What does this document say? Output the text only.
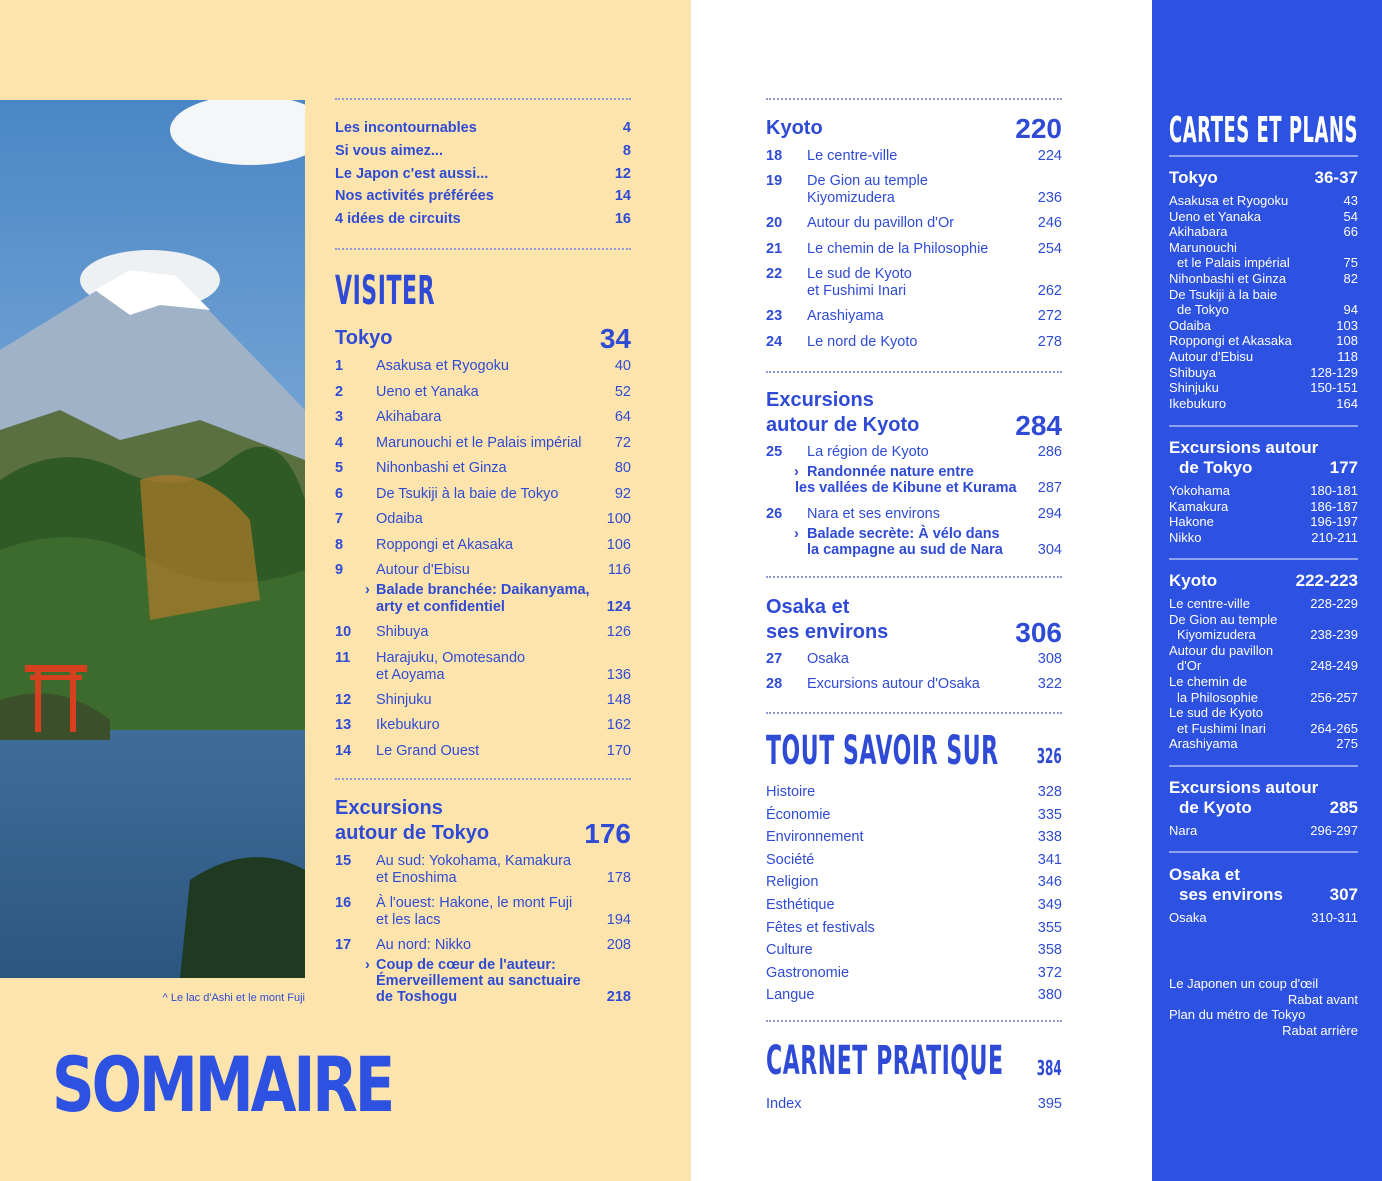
^ Le lac d'Ashi et le mont Fuji
SOMMAIRE
Les incontournables	4
Si vous aimez...	8
Le Japon c'est aussi...	12
Nos activités préférées	14
4 idées de circuits	16
VISITER
Tokyo	34
1 Asakusa et Ryogoku	40
2 Ueno et Yanaka	52
3 Akihabara	64
4 Marunouchi et le Palais impérial 72
5 Nihonbashi et Ginza	80
6 De Tsukiji à la baie de Tokyo	92
7 Odaiba	100
8 Roppongi et Akasaka	106
9 Autour d'Ebisu	116
› Balade branchée: Daikanyama,
arty et confidentiel	124
10 Shibuya	126
11 Harajuku, Omotesando
et Aoyama	136
12 Shinjuku	148
13 Ikebukuro	162
14 Le Grand Ouest	170
Excursions
autour de Tokyo	176
15 Au sud: Yokohama, Kamakura
et Enoshima	178
16 À l'ouest: Hakone, le mont Fuji
et les lacs	194
17 Au nord: Nikko	208
› Coup de cœur de l'auteur:
Émerveillement au sanctuaire
de Toshogu	218
Kyoto	220
18 Le centre-ville	224
19 De Gion au temple
Kiyomizudera	236
20 Autour du pavillon d'Or	246
21 Le chemin de la Philosophie	254
22 Le sud de Kyoto
et Fushimi Inari	262
23 Arashiyama	272
24 Le nord de Kyoto	278
Excursions
autour de Kyoto	284
25 La région de Kyoto	286
› Randonnée nature entre
les vallées de Kibune et Kurama 287
26 Nara et ses environs	294
› Balade secrète: À vélo dans
la campagne au sud de Nara 304
Osaka et
ses environs	306
27 Osaka	308
28 Excursions autour d'Osaka	322
TOUT SAVOIR SUR 326
Histoire	328
Économie	335
Environnement	338
Société	341
Religion	346
Esthétique	349
Fêtes et festivals	355
Culture	358
Gastronomie	372
Langue	380
CARNET PRATIQUE 384
Index	395
CARTES ET PLANS
Tokyo	36-37
Asakusa et Ryogoku	43
Ueno et Yanaka	54
Akihabara	66
Marunouchi
et le Palais impérial	75
Nihonbashi et Ginza	82
De Tsukiji à la baie
de Tokyo	94
Odaiba	103
Roppongi et Akasaka	108
Autour d'Ebisu	118
Shibuya	128-129
Shinjuku	150-151
Ikebukuro	164
Excursions autour
de Tokyo	177
Yokohama	180-181
Kamakura	186-187
Hakone	196-197
Nikko	210-211
Kyoto	222-223
Le centre-ville	228-229
De Gion au temple
Kiyomizudera	238-239
Autour du pavillon
d'Or	248-249
Le chemin de
la Philosophie	256-257
Le sud de Kyoto
et Fushimi Inari	264-265
Arashiyama	275
Excursions autour
de Kyoto	285
Nara	296-297
Osaka et
ses environs	307
Osaka	310-311
Le Japonen un coup d'œil
Rabat avant
Plan du métro de Tokyo
Rabat arrière
